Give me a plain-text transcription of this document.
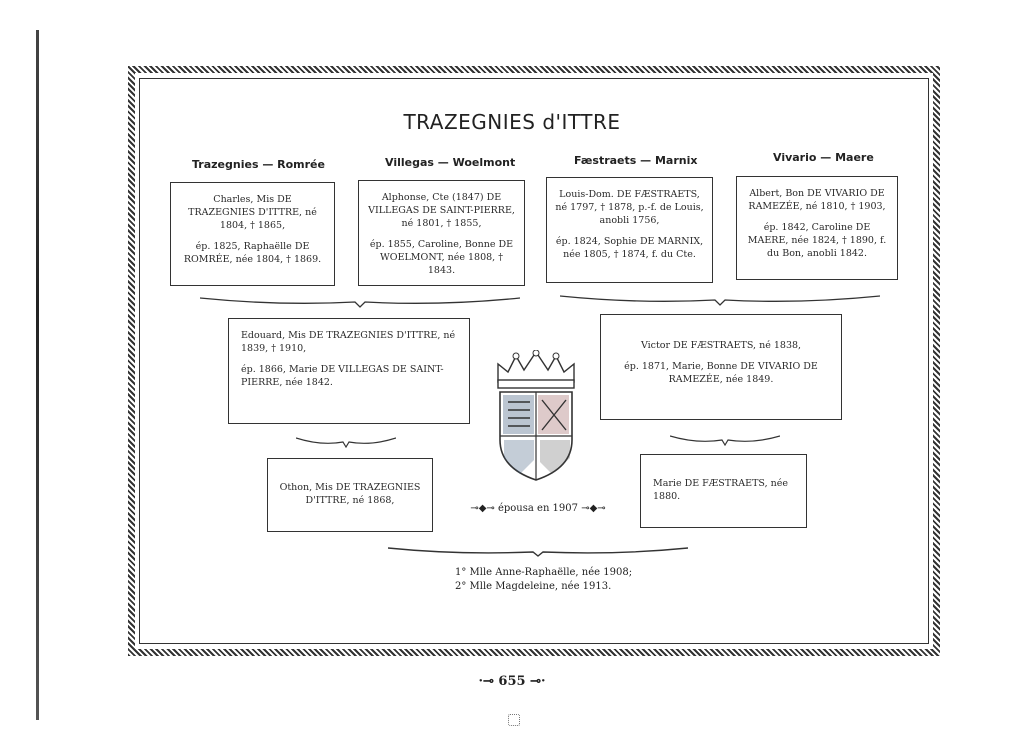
TRAZEGNIES d'ITTRE
Trazegnies — Romrée	Villegas — Woelmont	Fæstraets — Marnix	Vivario — Maere

Charles, Mis DE TRAZEGNIES D'ITTRE, né 1804, † 1865,

ép. 1825, Raphaëlle DE ROMRÉE, née 1804, † 1869.

Alphonse, Cte (1847) DE VILLEGAS DE SAINT-PIERRE, né 1801, † 1855,

ép. 1855, Caroline, Bonne DE WOELMONT, née 1808, † 1843.

Louis-Dom. DE FÆSTRAETS, né 1797, † 1878, p.-f. de Louis, anobli 1756,

ép. 1824, Sophie DE MARNIX, née 1805, † 1874, f. du Cte.

Albert, Bon DE VIVARIO DE RAMEZÉE, né 1810, † 1903,

ép. 1842, Caroline DE MAERE, née 1824, † 1890, f. du Bon, anobli 1842.

Edouard, Mis DE TRAZEGNIES D'ITTRE, né 1839, † 1910,

ép. 1866, Marie DE VILLEGAS DE SAINT-PIERRE, née 1842.

Victor DE FÆSTRAETS, né 1838,

ép. 1871, Marie, Bonne DE VIVARIO DE RAMEZÉE, née 1849.

Othon, Mis DE TRAZEGNIES D'ITTRE, né 1868,

Marie DE FÆSTRAETS, née 1880.

⊸◆⊸ épousa en 1907 ⊸◆⊸
1° Mlle Anne-Raphaëlle, née 1908;
2° Mlle Magdeleine, née 1913.
·⊸ 655 ⊸·
